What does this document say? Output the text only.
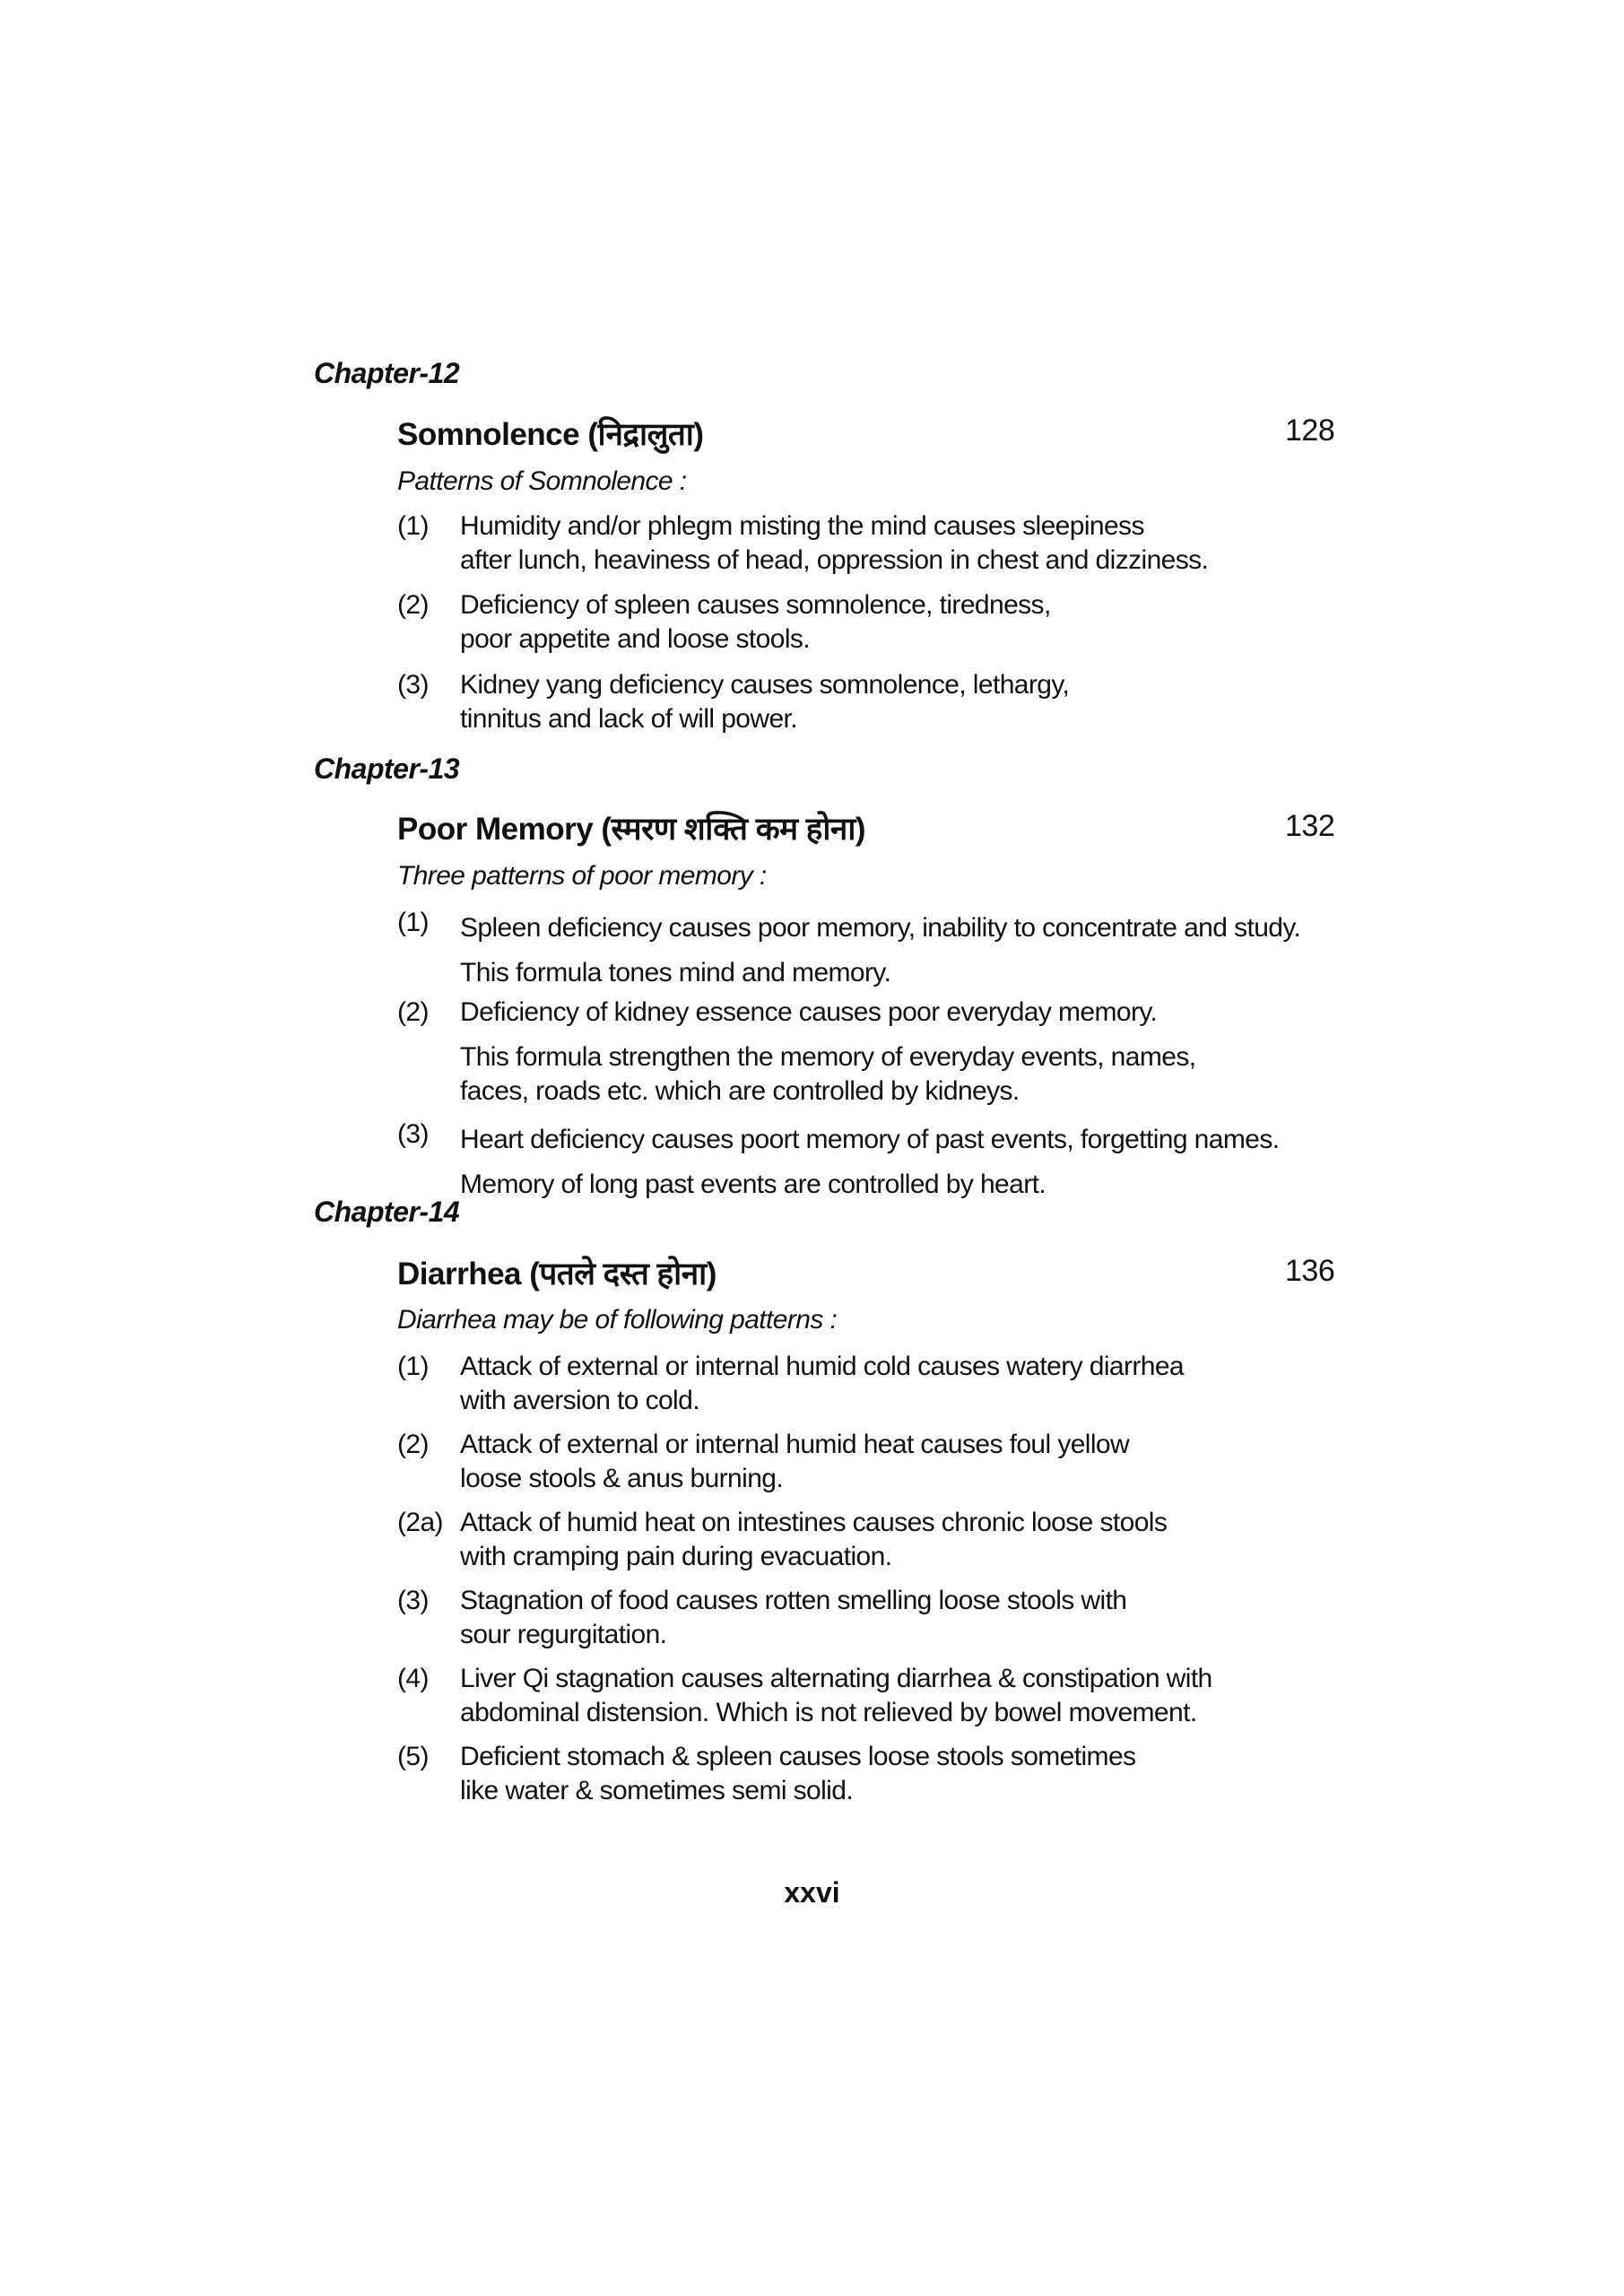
Chapter-12
Somnolence (निद्रालुता)	128
Patterns of Somnolence :
(1) Humidity and/or phlegm misting the mind causes sleepiness
after lunch, heaviness of head, oppression in chest and dizziness.
(2) Deficiency of spleen causes somnolence, tiredness,
poor appetite and loose stools.
(3) Kidney yang deficiency causes somnolence, lethargy,
tinnitus and lack of will power.
Chapter-13
Poor Memory (स्मरण शक्ति कम होना)	132
Three patterns of poor memory :
(1) Spleen deficiency causes poor memory, inability to concentrate and study.
This formula tones mind and memory.
(2) Deficiency of kidney essence causes poor everyday memory.
This formula strengthen the memory of everyday events, names,
faces, roads etc. which are controlled by kidneys.
(3) Heart deficiency causes poort memory of past events, forgetting names.
Memory of long past events are controlled by heart.
Chapter-14
Diarrhea (पतले दस्त होना)	136
Diarrhea may be of following patterns :
(1) Attack of external or internal humid cold causes watery diarrhea
with aversion to cold.
(2) Attack of external or internal humid heat causes foul yellow
loose stools & anus burning.
(2a) Attack of humid heat on intestines causes chronic loose stools
with cramping pain during evacuation.
(3) Stagnation of food causes rotten smelling loose stools with
sour regurgitation.
(4) Liver Qi stagnation causes alternating diarrhea & constipation with
abdominal distension. Which is not relieved by bowel movement.
(5) Deficient stomach & spleen causes loose stools sometimes
like water & sometimes semi solid.
xxvi
